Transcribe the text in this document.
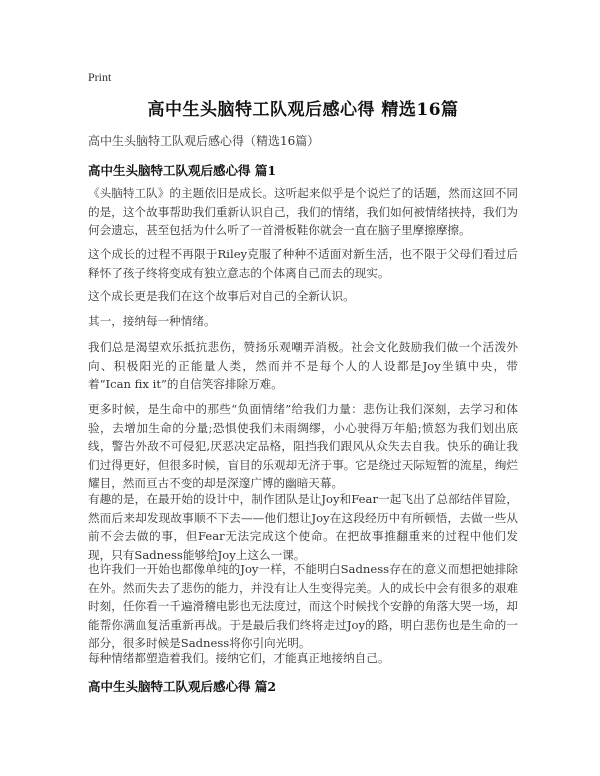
Print
高中生头脑特工队观后感心得 精选16篇
高中生头脑特工队观后感心得（精选16篇）
高中生头脑特工队观后感心得 篇1
《头脑特工队》的主题依旧是成长。这听起来似乎是个说烂了的话题，然而这回不同的是，这个故事帮助我们重新认识自己，我们的情绪，我们如何被情绪挟持，我们为何会遗忘，甚至包括为什么听了一首滑板鞋你就会一直在脑子里摩擦摩擦。
这个成长的过程不再限于Riley克服了种种不适面对新生活，也不限于父母们看过后释怀了孩子终将变成有独立意志的个体离自己而去的现实。
这个成长更是我们在这个故事后对自己的全新认识。
其一，接纳每一种情绪。
我们总是渴望欢乐抵抗悲伤，赞扬乐观嘲弄消极。社会文化鼓励我们做一个活泼外向、积极阳光的正能量人类，然而并不是每个人的人设都是Joy坐镇中央，带着“Ican fix it”的自信笑容排除万难。
更多时候，是生命中的那些“负面情绪”给我们力量：悲伤让我们深刻，去学习和体验，去增加生命的分量;恐惧使我们未雨绸缪，小心驶得万年船;愤怒为我们划出底线，警告外敌不可侵犯,厌恶决定品格，阻挡我们跟风从众失去自我。快乐的确让我们过得更好，但很多时候，盲目的乐观却无济于事。它是绕过天际短暂的流星，绚烂耀目，然而亘古不变的却是深邃广博的幽暗天幕。
有趣的是，在最开始的设计中，制作团队是让Joy和Fear一起飞出了总部结伴冒险，然而后来却发现故事顺不下去——他们想让Joy在这段经历中有所顿悟，去做一些从前不会去做的事，但Fear无法完成这个使命。在把故事推翻重来的过程中他们发现，只有Sadness能够给Joy上这么一课。
也许我们一开始也都像单纯的Joy一样，不能明白Sadness存在的意义而想把她排除在外。然而失去了悲伤的能力，并没有让人生变得完美。人的成长中会有很多的艰难时刻，任你看一千遍滑稽电影也无法度过，而这个时候找个安静的角落大哭一场，却能帮你满血复活重新再战。于是最后我们终将走过Joy的路，明白悲伤也是生命的一部分，很多时候是Sadness将你引向光明。
每种情绪都塑造着我们。接纳它们，才能真正地接纳自己。
高中生头脑特工队观后感心得 篇2
